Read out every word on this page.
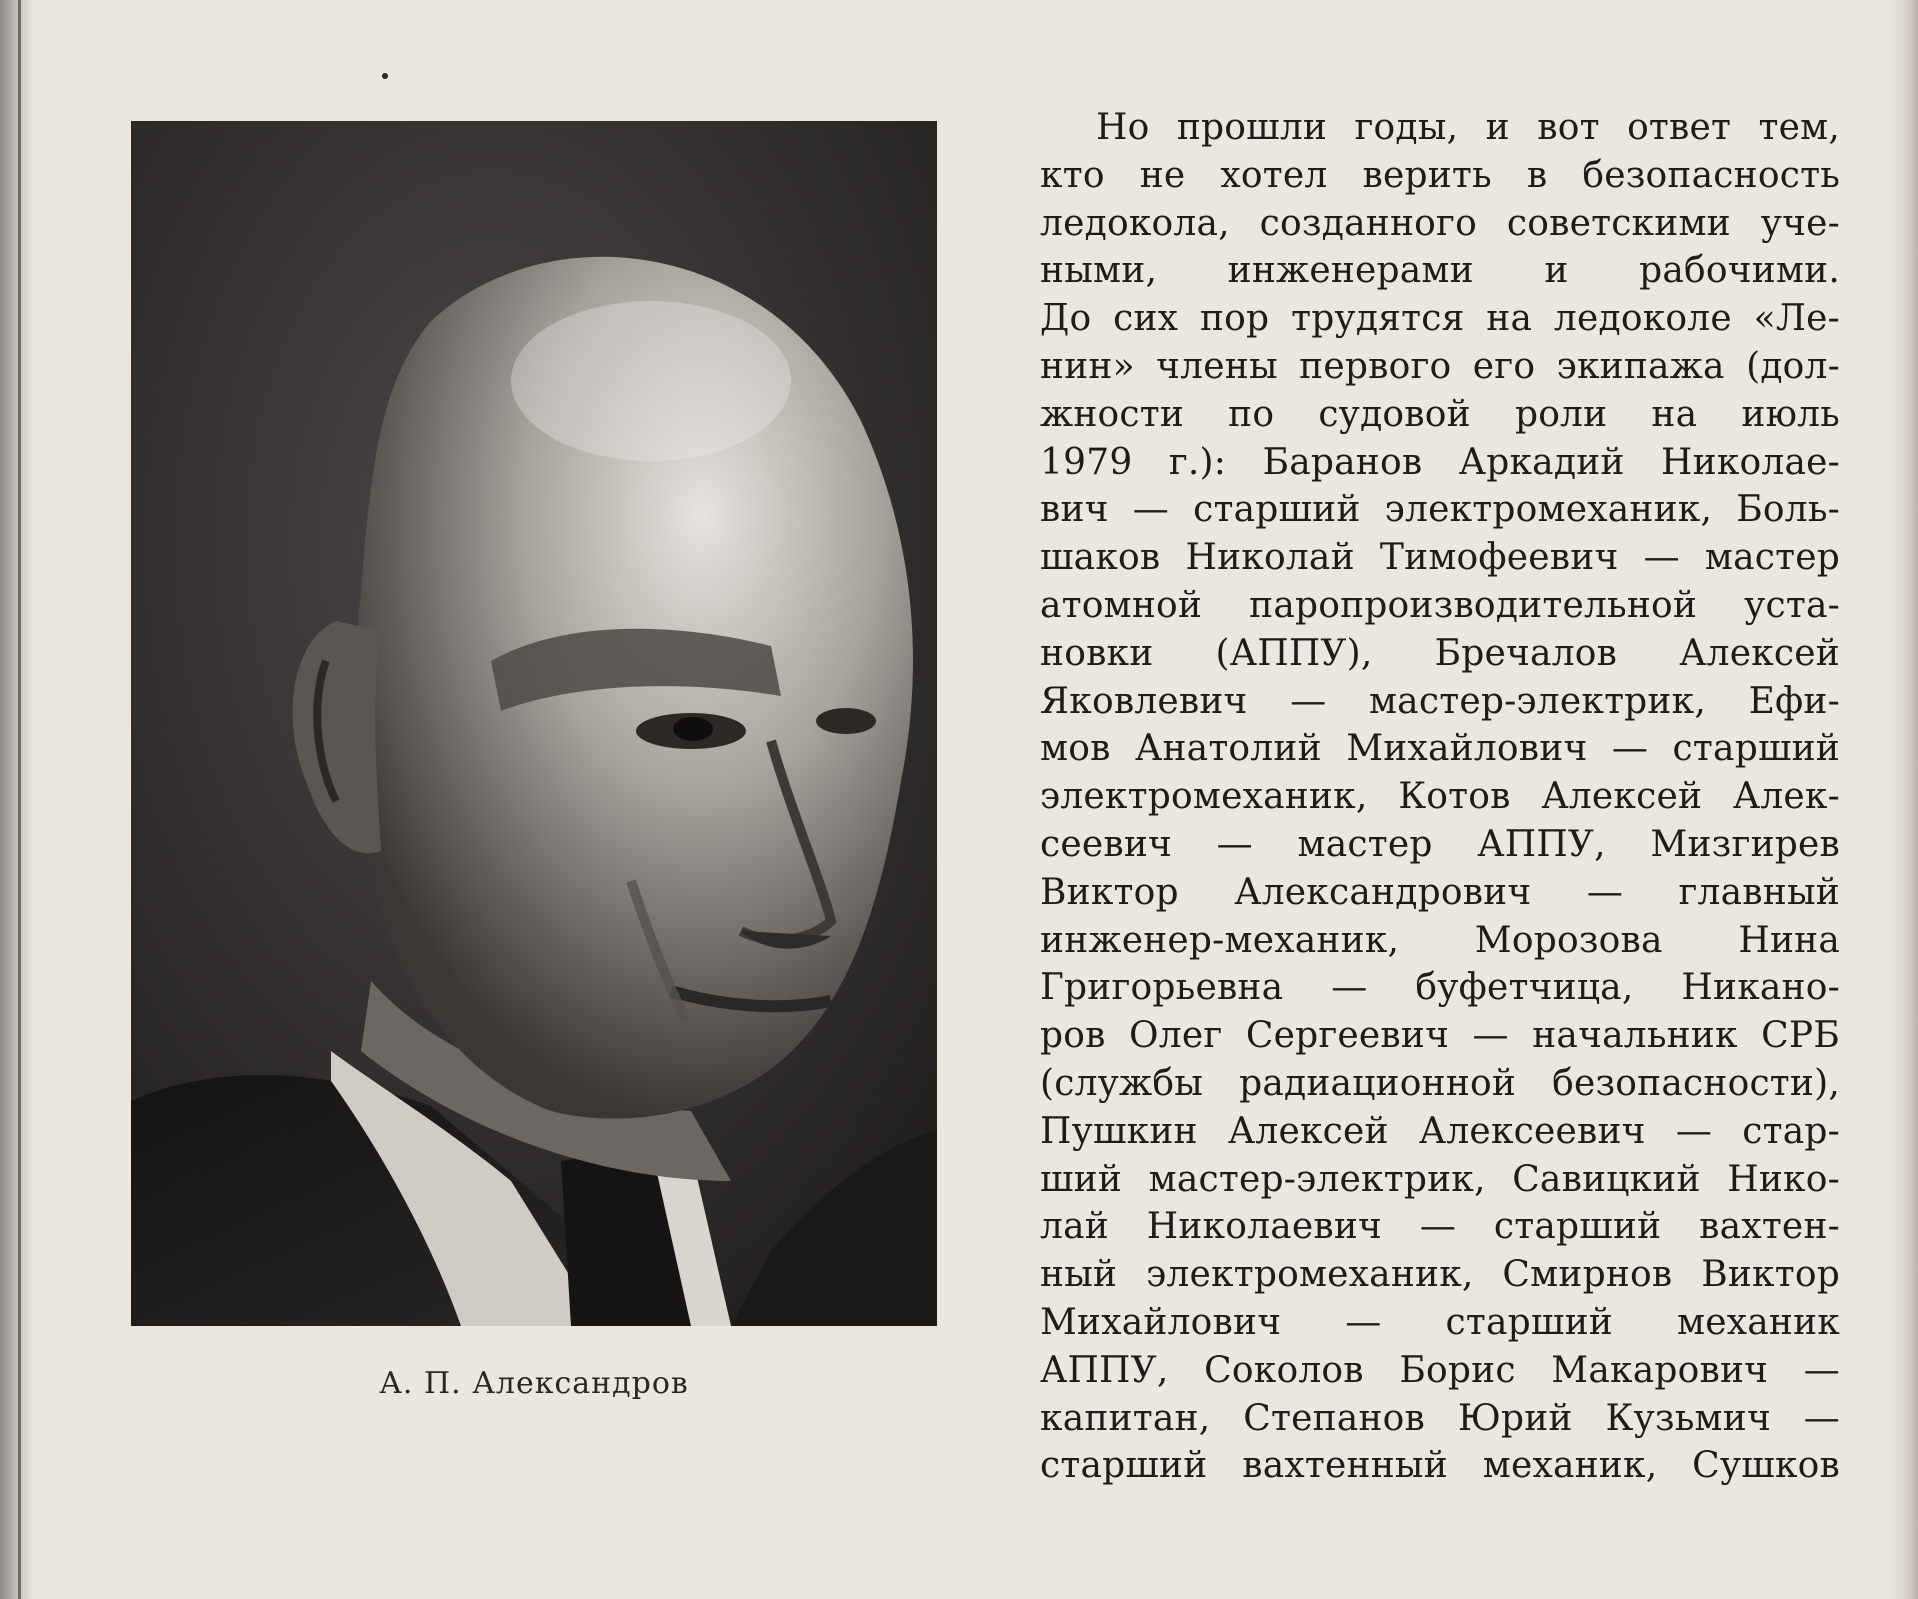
А. П. Александров
Но прошли годы, и вот ответ тем,
кто не хотел верить в безопасность
ледокола, созданного советскими уче-
ными, инженерами и рабочими.
До сих пор трудятся на ледоколе «Ле-
нин» члены первого его экипажа (дол-
жности по судовой роли на июль
1979 г.): Баранов Аркадий Николае-
вич — старший электромеханик, Боль-
шаков Николай Тимофеевич — мастер
атомной паропроизводительной уста-
новки (АППУ), Бречалов Алексей
Яковлевич — мастер-электрик, Ефи-
мов Анатолий Михайлович — старший
электромеханик, Котов Алексей Алек-
сеевич — мастер АППУ, Мизгирев
Виктор Александрович — главный
инженер-механик, Морозова Нина
Григорьевна — буфетчица, Никано-
ров Олег Сергеевич — начальник СРБ
(службы радиационной безопасности),
Пушкин Алексей Алексеевич — стар-
ший мастер-электрик, Савицкий Нико-
лай Николаевич — старший вахтен-
ный электромеханик, Смирнов Виктор
Михайлович — старший механик
АППУ, Соколов Борис Макарович —
капитан, Степанов Юрий Кузьмич —
старший вахтенный механик, Сушков
